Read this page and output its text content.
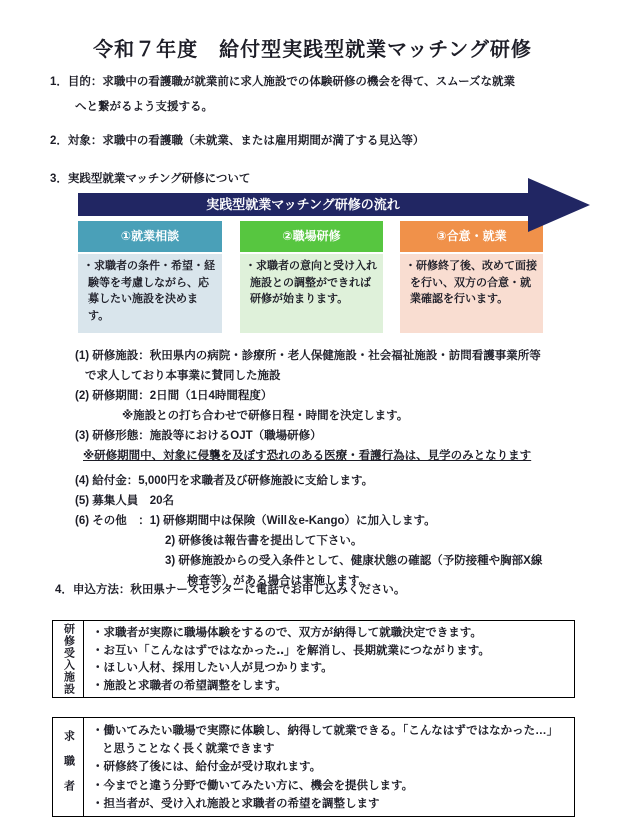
令和７年度　給付型実践型就業マッチング研修
1．目的：求職中の看護職が就業前に求人施設での体験研修の機会を得て、スムーズな就業
へと繋がるよう支援する。
2．対象：求職中の看護職（未就業、または雇用期間が満了する見込等）
3．実践型就業マッチング研修について
実践型就業マッチング研修の流れ
①就業相談
・求職者の条件・希望・経験等を考慮しながら、応募したい施設を決めます。
②職場研修
・求職者の意向と受け入れ施設との調整ができれば研修が始まります。
③合意・就業
・研修終了後、改めて面接を行い、双方の合意・就業確認を行います。
(1) 研修施設：秋田県内の病院・診療所・老人保健施設・社会福祉施設・訪問看護事業所等
で求人しており本事業に賛同した施設
(2) 研修期間：2日間（1日4時間程度）
※施設との打ち合わせで研修日程・時間を決定します。
(3) 研修形態：施設等におけるOJT（職場研修）
※研修期間中、対象に侵襲を及ぼす恐れのある医療・看護行為は、見学のみとなります
(4) 給付金：5,000円を求職者及び研修施設に支給します。
(5) 募集人員　20名
(6) その他　：1) 研修期間中は保険（Will＆e-Kango）に加入します。
2) 研修後は報告書を提出して下さい。
3) 研修施設からの受入条件として、健康状態の確認（予防接種や胸部X線
検査等）がある場合は実施します。
4．申込方法：秋田県ナースセンターに電話でお申し込みください。
研修受入施設 ・求職者が実際に職場体験をするので、双方が納得して就職決定できます。
・お互い「こんなはずではなかった‥」を解消し、長期就業につながります。
・ほしい人材、採用したい人が見つかります。
・施設と求職者の希望調整をします。
求職者 ・働いてみたい職場で実際に体験し、納得して就業できる。「こんなはずではなかった…」
と思うことなく長く就業できます
・研修終了後には、給付金が受け取れます。
・今までと違う分野で働いてみたい方に、機会を提供します。
・担当者が、受け入れ施設と求職者の希望を調整します
